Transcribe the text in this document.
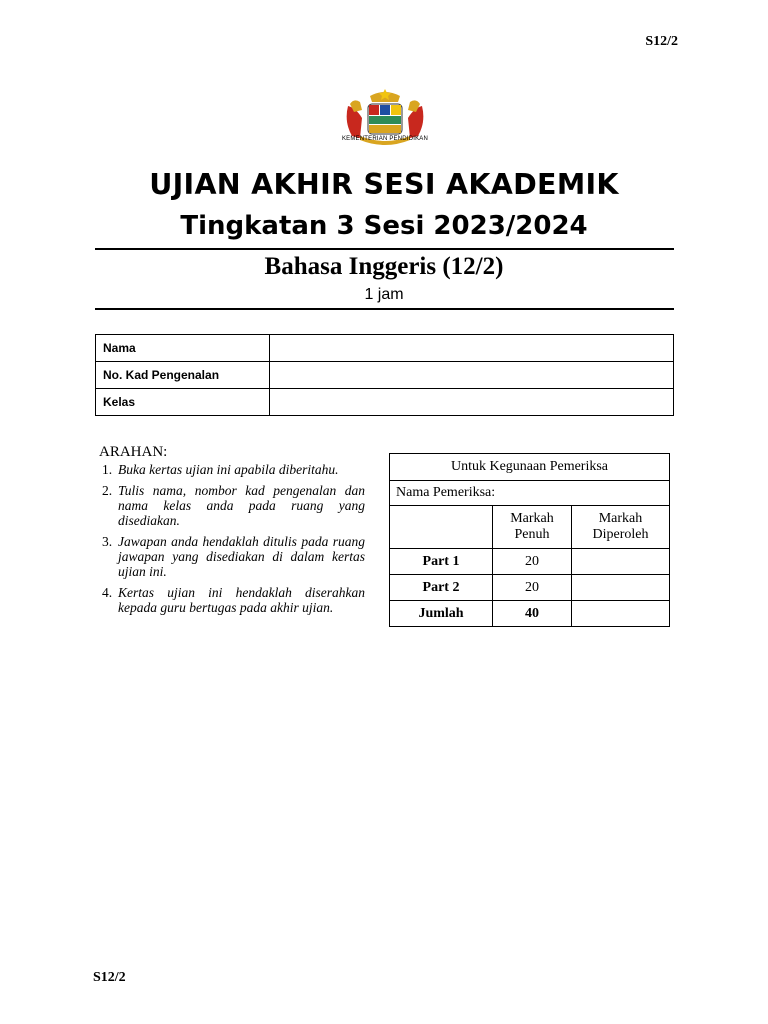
S12/2
KEMENTERIAN PENDIDIKAN
UJIAN AKHIR SESI AKADEMIK
Tingkatan 3 Sesi 2023/2024
Bahasa Inggeris (12/2)
1 jam
Nama	
No. Kad Pengenalan	
Kelas	
ARAHAN:
1. Buka kertas ujian ini apabila diberitahu.
2. Tulis nama, nombor kad pengenalan dan nama kelas anda pada ruang yang disediakan.
3. Jawapan anda hendaklah ditulis pada ruang jawapan yang disediakan di dalam kertas ujian ini.
4. Kertas ujian ini hendaklah diserahkan kepada guru bertugas pada akhir ujian.
Untuk Kegunaan Pemeriksa		
Nama Pemeriksa:		
	Markah Penuh	Markah Diperoleh
Part 1	20	
Part 2	20	
Jumlah	40	
S12/2
